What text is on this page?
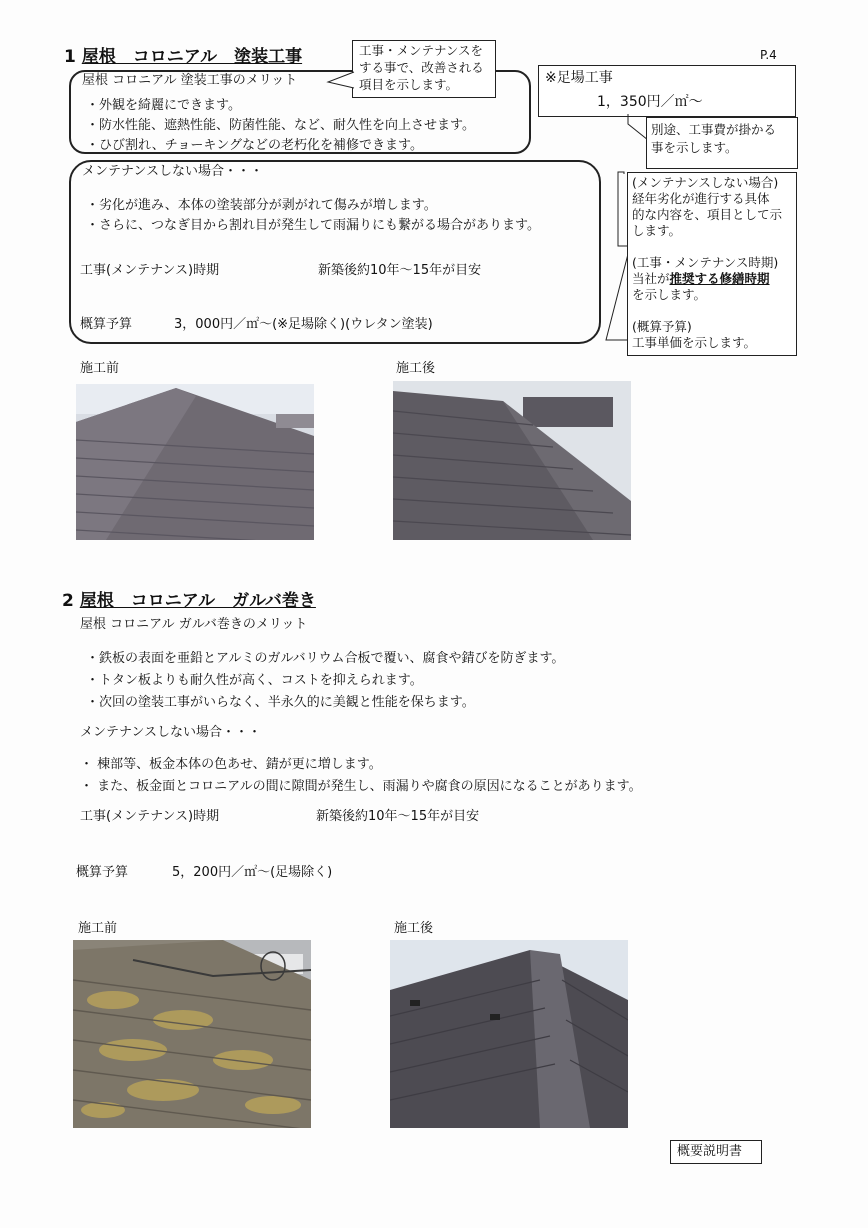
P.4
1 屋根　コロニアル　塗装工事
屋根 コロニアル 塗装工事のメリット
・外観を綺麗にできます。
・防水性能、遮熱性能、防菌性能、など、耐久性を向上させます。
・ひび割れ、チョーキングなどの老朽化を補修できます。
工事・メンテナンスを
する事で、改善される
項目を示します。	※足場工事
1，350円／㎡～
別途、工事費が掛かる
事を示します。
メンテナンスしない場合・・・
・劣化が進み、本体の塗装部分が剥がれて傷みが増します。
・さらに、つなぎ目から割れ目が発生して雨漏りにも繋がる場合があります。
工事(メンテナンス)時期	新築後約10年～15年が目安
概算予算	3，000円／㎡～(※足場除く)(ウレタン塗装)
(メンテナンスしない場合)
経年劣化が進行する具体
的な内容を、項目として示
します。
(工事・メンテナンス時期)
当社が推奨する修繕時期
を示します。
(概算予算)
工事単価を示します。
施工前	施工後
2 屋根　コロニアル　ガルバ巻き
屋根 コロニアル ガルバ巻きのメリット
・鉄板の表面を亜鉛とアルミのガルバリウム合板で覆い、腐食や錆びを防ぎます。
・トタン板よりも耐久性が高く、コストを抑えられます。
・次回の塗装工事がいらなく、半永久的に美観と性能を保ちます。
メンテナンスしない場合・・・
・ 棟部等、板金本体の色あせ、錆が更に増します。
・ また、板金面とコロニアルの間に隙間が発生し、雨漏りや腐食の原因になることがあります。
工事(メンテナンス)時期	新築後約10年～15年が目安
概算予算	5，200円／㎡～(足場除く)
施工前	施工後
概要説明書
